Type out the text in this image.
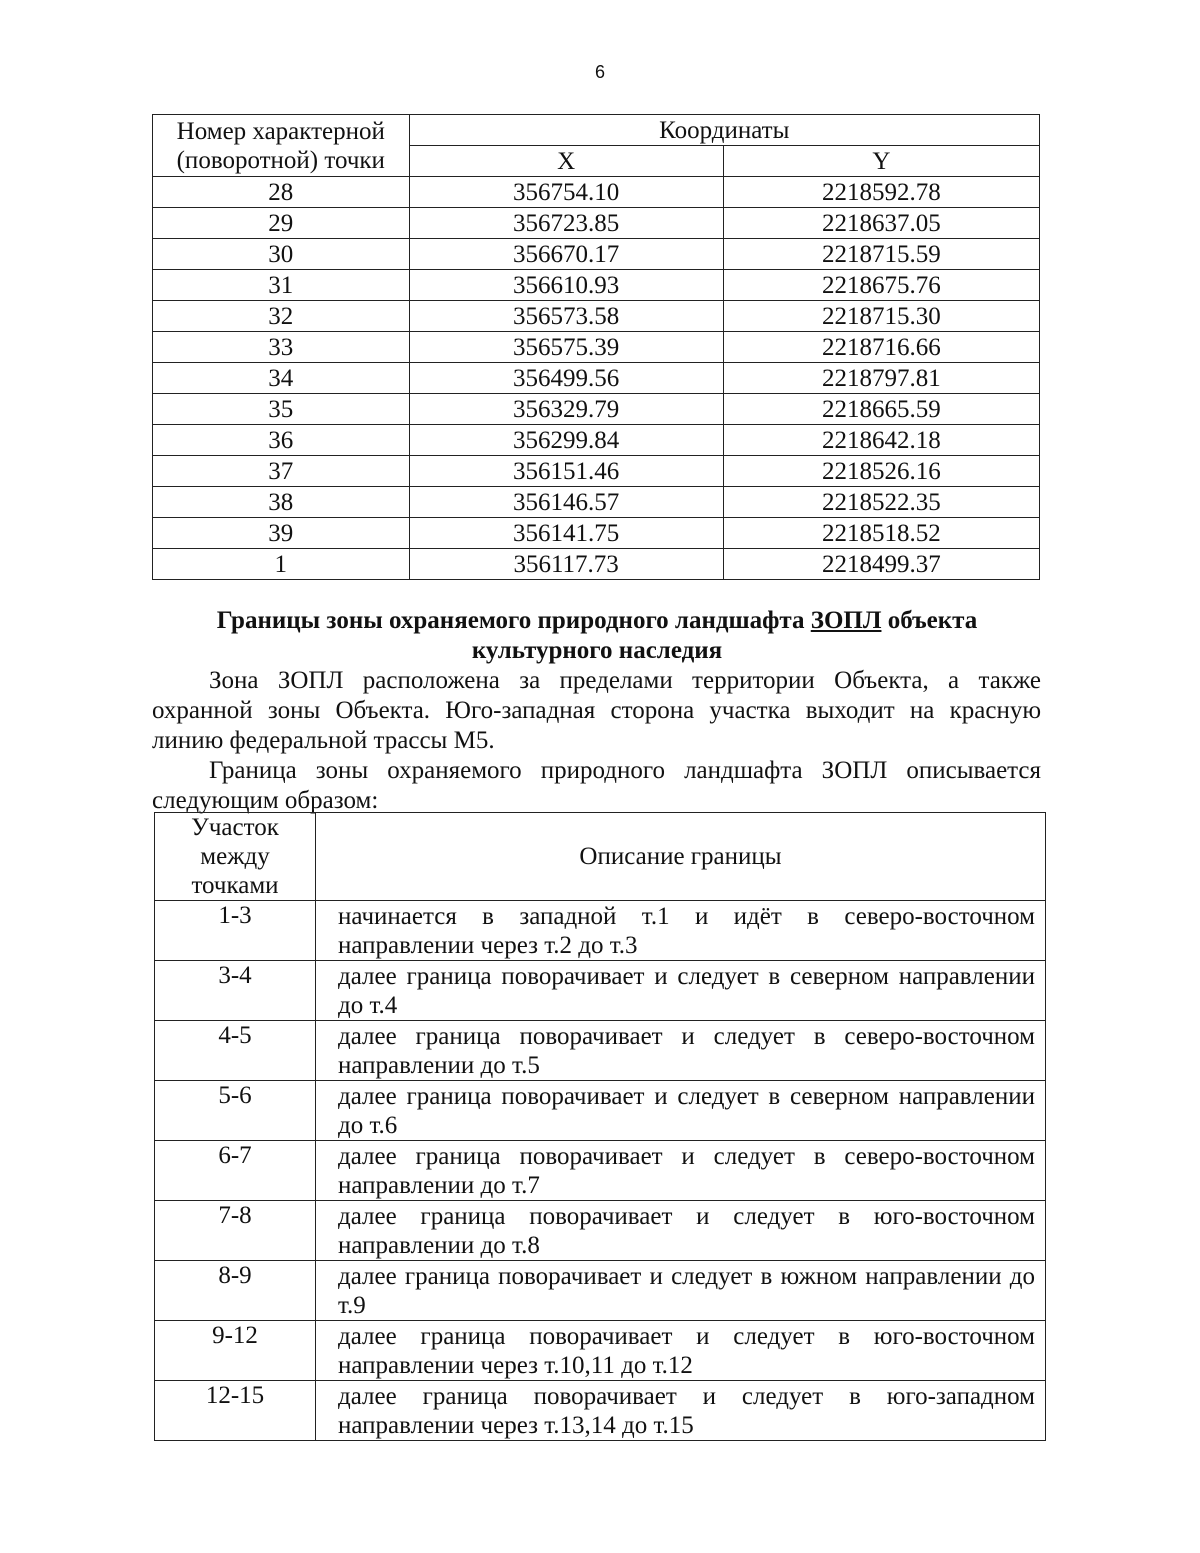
6
Номер характерной (поворотной) точки	Координаты	
	X	Y
28	356754.10	2218592.78
29	356723.85	2218637.05
30	356670.17	2218715.59
31	356610.93	2218675.76
32	356573.58	2218715.30
33	356575.39	2218716.66
34	356499.56	2218797.81
35	356329.79	2218665.59
36	356299.84	2218642.18
37	356151.46	2218526.16
38	356146.57	2218522.35
39	356141.75	2218518.52
1	356117.73	2218499.37
Границы зоны охраняемого природного ландшафта ЗОПЛ объекта культурного наследия
Зона ЗОПЛ расположена за пределами территории Объекта, а также охранной зоны Объекта. Юго-западная сторона участка выходит на красную линию федеральной трассы М5.
Граница зоны охраняемого природного ландшафта ЗОПЛ описывается следующим образом:
Участок между точками	Описание границы
1-3	начинается в западной т.1 и идёт в северо-восточном направлении через т.2 до т.3
3-4	далее граница поворачивает и следует в северном направлении до т.4
4-5	далее граница поворачивает и следует в северо-восточном направлении до т.5
5-6	далее граница поворачивает и следует в северном направлении до т.6
6-7	далее граница поворачивает и следует в северо-восточном направлении до т.7
7-8	далее граница поворачивает и следует в юго-восточном направлении до т.8
8-9	далее граница поворачивает и следует в южном направлении до т.9
9-12	далее граница поворачивает и следует в юго-восточном направлении через т.10,11 до т.12
12-15	далее граница поворачивает и следует в юго-западном направлении через т.13,14 до т.15
